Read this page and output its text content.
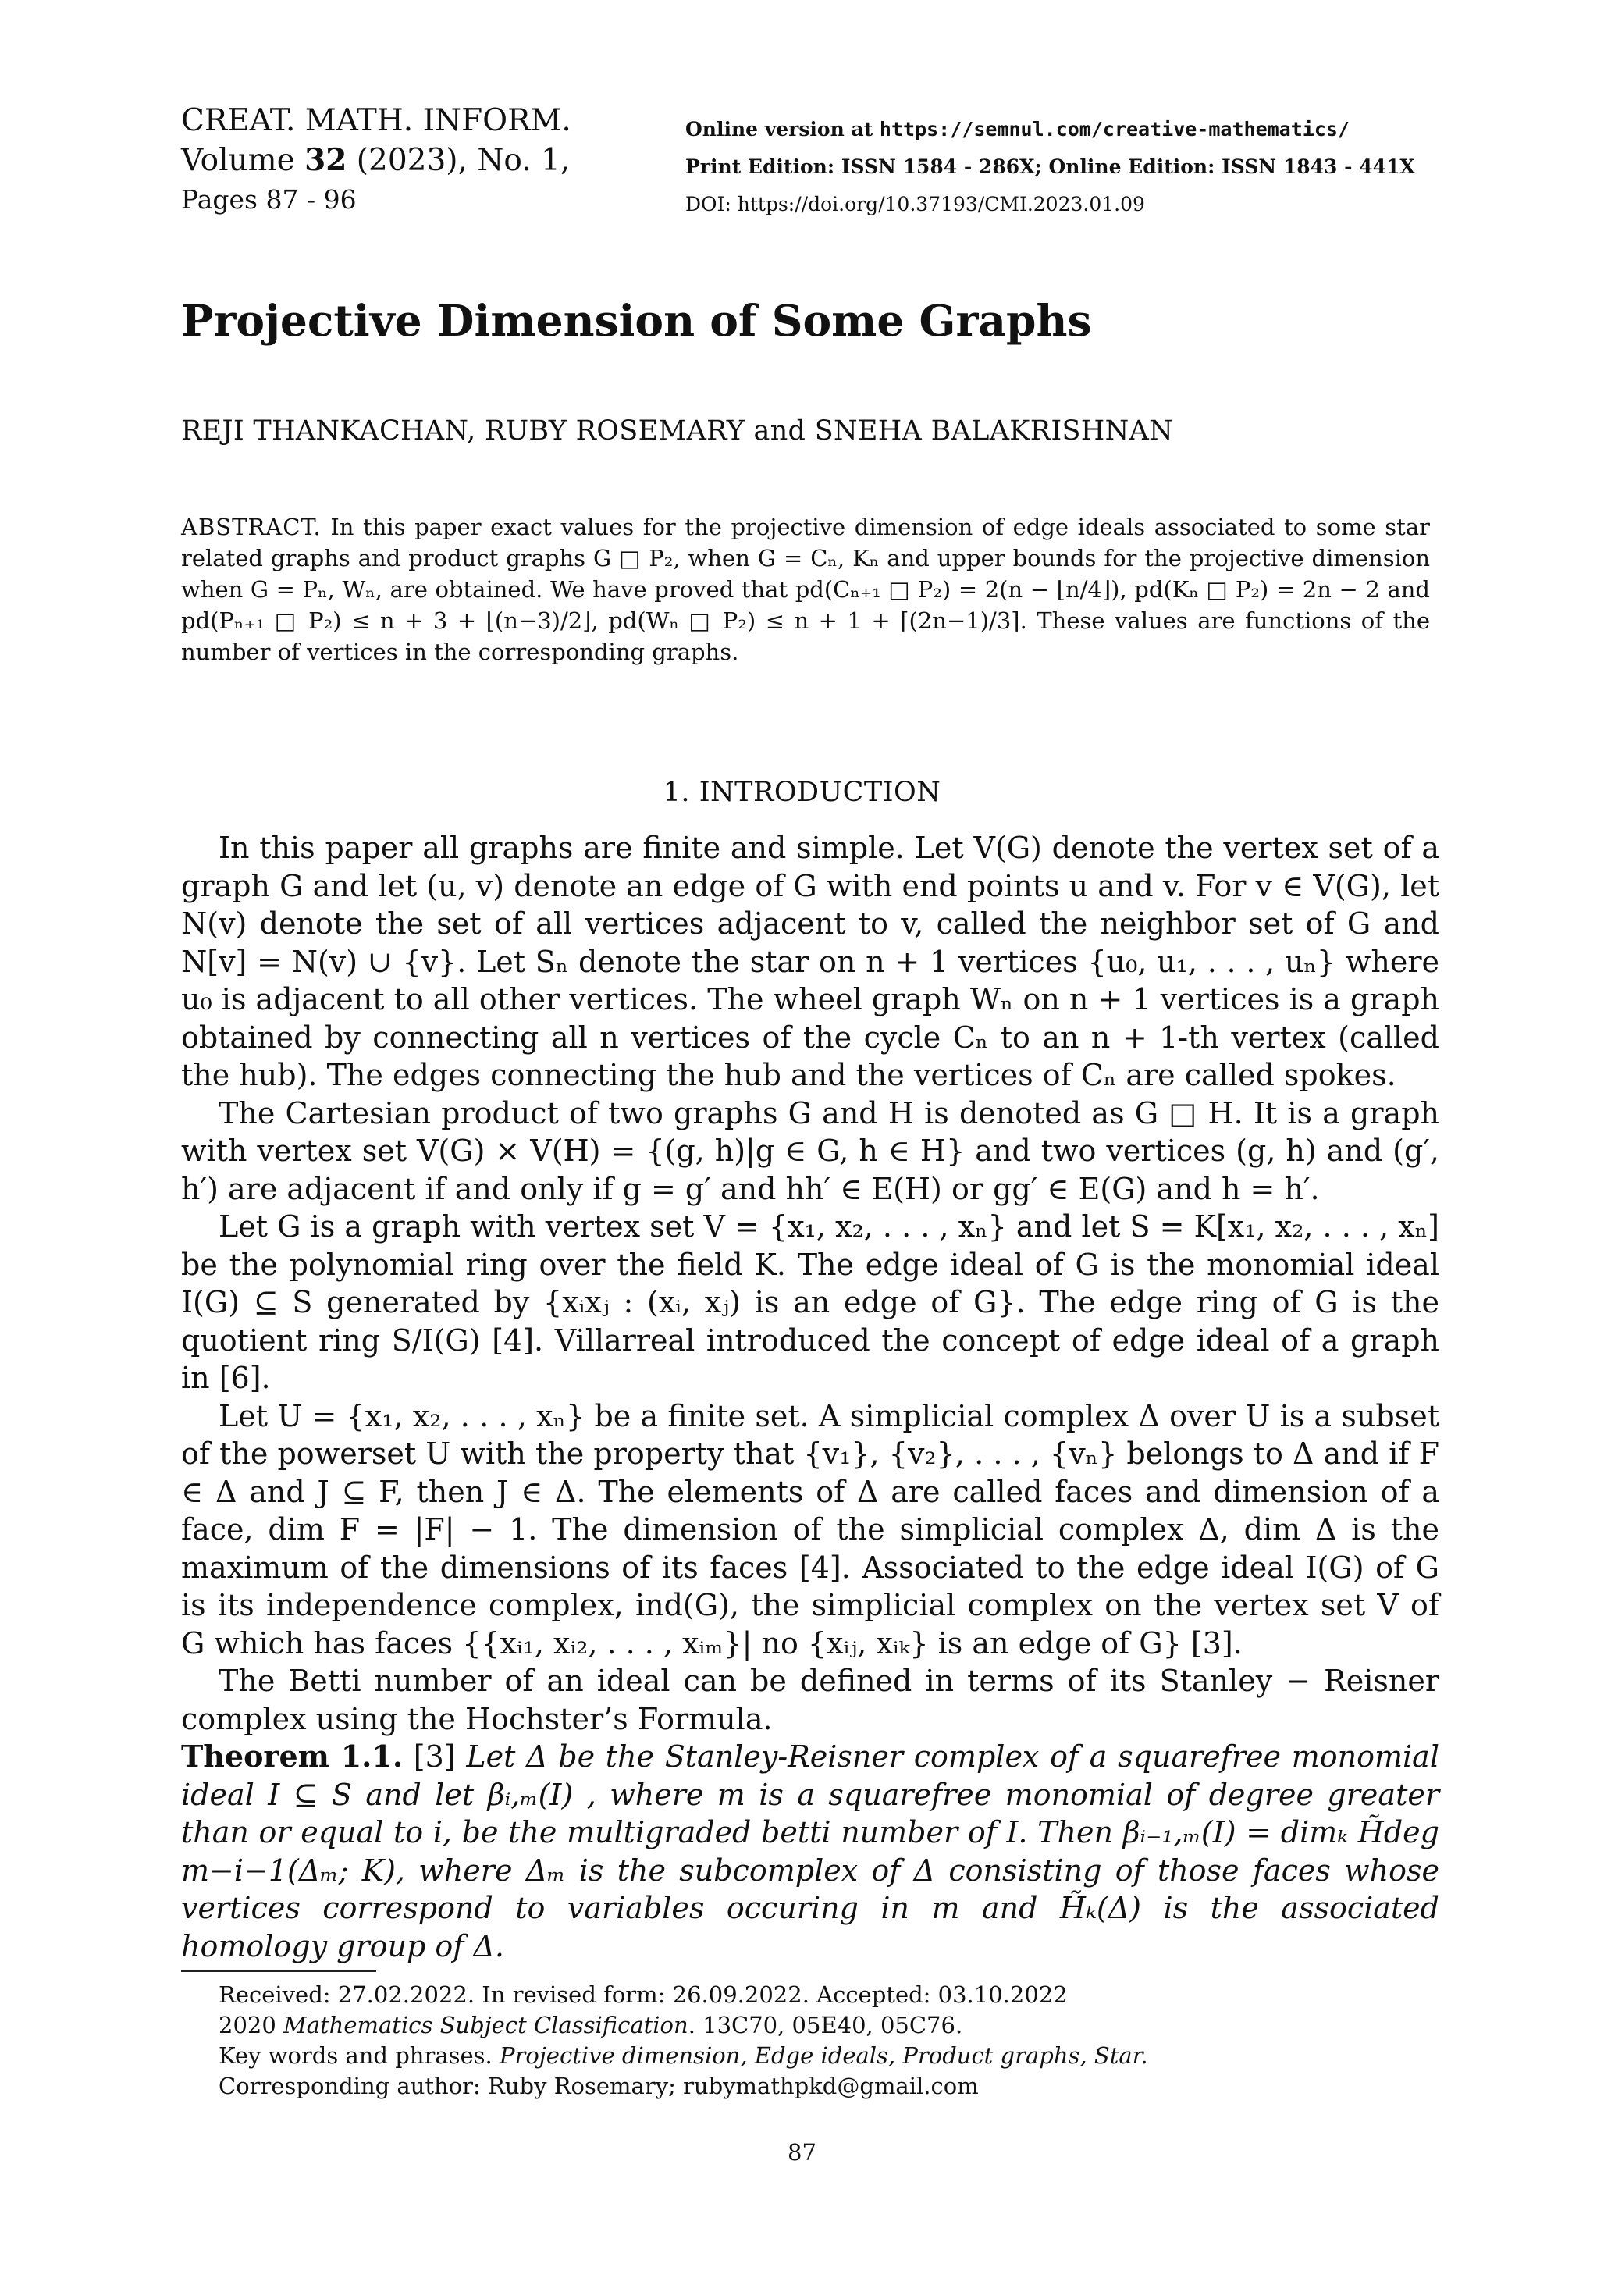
CREAT. MATH. INFORM.
Volume 32 (2023), No. 1,
Pages 87 - 96
Online version at https://semnul.com/creative-mathematics/
Print Edition: ISSN 1584 - 286X; Online Edition: ISSN 1843 - 441X
DOI: https://doi.org/10.37193/CMI.2023.01.09
Projective Dimension of Some Graphs
REJI THANKACHAN, RUBY ROSEMARY and SNEHA BALAKRISHNAN
ABSTRACT. In this paper exact values for the projective dimension of edge ideals associated to some star related graphs and product graphs G □ P₂, when G = Cₙ, Kₙ and upper bounds for the projective dimension when G = Pₙ, Wₙ, are obtained. We have proved that pd(Cₙ₊₁ □ P₂) = 2(n − ⌊n/4⌋), pd(Kₙ □ P₂) = 2n − 2 and pd(Pₙ₊₁ □ P₂) ≤ n + 3 + ⌊(n−3)/2⌋, pd(Wₙ □ P₂) ≤ n + 1 + ⌈(2n−1)/3⌉. These values are functions of the number of vertices in the corresponding graphs.
1. INTRODUCTION

In this paper all graphs are finite and simple. Let V(G) denote the vertex set of a graph G and let (u, v) denote an edge of G with end points u and v. For v ∈ V(G), let N(v) denote the set of all vertices adjacent to v, called the neighbor set of G and N[v] = N(v) ∪ {v}. Let Sₙ denote the star on n + 1 vertices {u₀, u₁, . . . , uₙ} where u₀ is adjacent to all other vertices. The wheel graph Wₙ on n + 1 vertices is a graph obtained by connecting all n vertices of the cycle Cₙ to an n + 1-th vertex (called the hub). The edges connecting the hub and the vertices of Cₙ are called spokes.

The Cartesian product of two graphs G and H is denoted as G □ H. It is a graph with vertex set V(G) × V(H) = {(g, h)|g ∈ G, h ∈ H} and two vertices (g, h) and (g′, h′) are adjacent if and only if g = g′ and hh′ ∈ E(H) or gg′ ∈ E(G) and h = h′.

Let G is a graph with vertex set V = {x₁, x₂, . . . , xₙ} and let S = K[x₁, x₂, . . . , xₙ] be the polynomial ring over the field K. The edge ideal of G is the monomial ideal I(G) ⊆ S generated by {xᵢxⱼ : (xᵢ, xⱼ) is an edge of G}. The edge ring of G is the quotient ring S/I(G) [4]. Villarreal introduced the concept of edge ideal of a graph in [6].

Let U = {x₁, x₂, . . . , xₙ} be a finite set. A simplicial complex Δ over U is a subset of the powerset U with the property that {v₁}, {v₂}, . . . , {vₙ} belongs to Δ and if F ∈ Δ and J ⊆ F, then J ∈ Δ. The elements of Δ are called faces and dimension of a face, dim F = |F| − 1. The dimension of the simplicial complex Δ, dim Δ is the maximum of the dimensions of its faces [4]. Associated to the edge ideal I(G) of G is its independence complex, ind(G), the simplicial complex on the vertex set V of G which has faces {{xᵢ₁, xᵢ₂, . . . , xᵢₘ}| no {xᵢⱼ, xᵢₖ} is an edge of G} [3].

The Betti number of an ideal can be defined in terms of its Stanley − Reisner complex using the Hochster’s Formula.

Theorem 1.1. [3] Let Δ be the Stanley-Reisner complex of a squarefree monomial ideal I ⊆ S and let βᵢ,ₘ(I) , where m is a squarefree monomial of degree greater than or equal to i, be the multigraded betti number of I. Then βᵢ₋₁,ₘ(I) = dimₖ H̃deg m−i−1(Δₘ; K), where Δₘ is the subcomplex of Δ consisting of those faces whose vertices correspond to variables occuring in m and H̃ₖ(Δ) is the associated homology group of Δ.

Received: 27.02.2022. In revised form: 26.09.2022. Accepted: 03.10.2022
2020 Mathematics Subject Classification. 13C70, 05E40, 05C76.
Key words and phrases. Projective dimension, Edge ideals, Product graphs, Star.
Corresponding author: Ruby Rosemary; rubymathpkd@gmail.com
87
